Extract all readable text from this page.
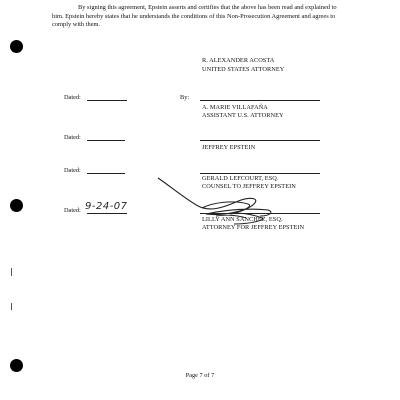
By signing this agreement, Epstein asserts and certifies that the above has been read and explained to him. Epstein hereby states that he understands the conditions of this Non-Prosecution Agreement and agrees to comply with them.

R. ALEXANDER ACOSTA
UNITED STATES ATTORNEY
Dated:	By:
A. MARIE VILLAFAÑA
ASSISTANT U.S. ATTORNEY
Dated:
JEFFREY EPSTEIN
Dated:
GERALD LEFCOURT, ESQ.
COUNSEL TO JEFFREY EPSTEIN
Dated: 9-24-07
LILLY ANN SANCHEZ, ESQ.
ATTORNEY FOR JEFFREY EPSTEIN
Page 7 of 7
